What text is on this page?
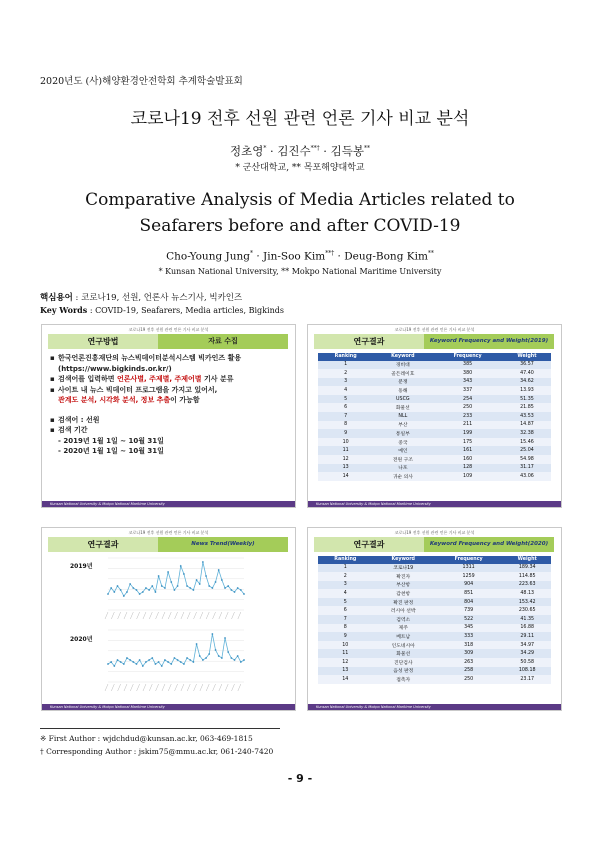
2020년도 (사)해양환경안전학회 추계학술발표회
코로나19 전후 선원 관련 언론 기사 비교 분석
정초영* · 김진수**† · 김득봉**
* 군산대학교, ** 목포해양대학교
Comparative Analysis of Media Articles related to Seafarers before and after COVID-19
Cho-Young Jung* · Jin-Soo Kim**† · Deug-Bong Kim**
* Kunsan National University, ** Mokpo National Maritime University
핵심용어 : 코로나19, 선원, 언론사 뉴스기사, 빅카인즈
Key Words : COVID-19, Seafarers, Media articles, Bigkinds
코로나19 전후 선원 관련 언론 기사 비교 분석
연구방법	자료 수집
▪ 한국언론진흥재단의 뉴스빅데이터분석시스템 빅카인즈 활용
(https://www.bigkinds.or.kr/)
▪ 검색어를 입력하면 언론사별, 주제별, 주제어별 기사 분류
▪ 사이트 내 뉴스 빅데이터 프로그램을 가지고 있어서,
관계도 분석, 시각화 분석, 정보 추출이 가능함
▪ 검색어 : 선원
▪ 검색 기간
- 2019년 1월 1일 ~ 10월 31일
- 2020년 1월 1일 ~ 10월 31일
Kunsan National University & Mokpo National Maritime University
코로나19 전후 선원 관련 언론 기사 비교 분석
연구결과	Keyword Frequency and Weight(2019)
Ranking	Keyword	Frequency	Weight
1	경비대	385	36.57
2	골든레이호	380	47.40
3	분쟁	343	34.62
4	동해	337	13.93
5	USCG	254	51.35
6	화물선	250	21.85
7	NLL	233	43.53
8	부산	211	14.87
9	통일부	199	32.38
10	중국	175	15.46
11	예인	161	25.04
12	전원 구조	160	54.98
13	나포	128	31.17
14	귀순 의사	109	43.06
Kunsan National University & Mokpo National Maritime University
코로나19 전후 선원 관련 언론 기사 비교 분석
연구결과	News Trend(Weekly)
2019년
2020년
Kunsan National University & Mokpo National Maritime University
코로나19 전후 선원 관련 언론 기사 비교 분석
연구결과	Keyword Frequency and Weight(2020)
Ranking	Keyword	Frequency	Weight
1	코로나19	1311	189.34
2	확진자	1259	114.85
3	부산항	904	223.63
4	감천항	851	48.13
5	확진 판정	804	153.42
6	러시아 선박	739	230.65
7	검역소	522	41.35
8	제주	345	16.88
9	베트남	333	29.11
10	인도네시아	318	34.97
11	화물선	309	34.29
12	진단검사	263	50.58
13	음성 판정	258	108.18
14	접촉자	250	23.17
Kunsan National University & Mokpo National Maritime University
※ First Author : wjdchdud@kunsan.ac.kr, 063-469-1815
† Corresponding Author : jskim75@mmu.ac.kr, 061-240-7420
- 9 -
